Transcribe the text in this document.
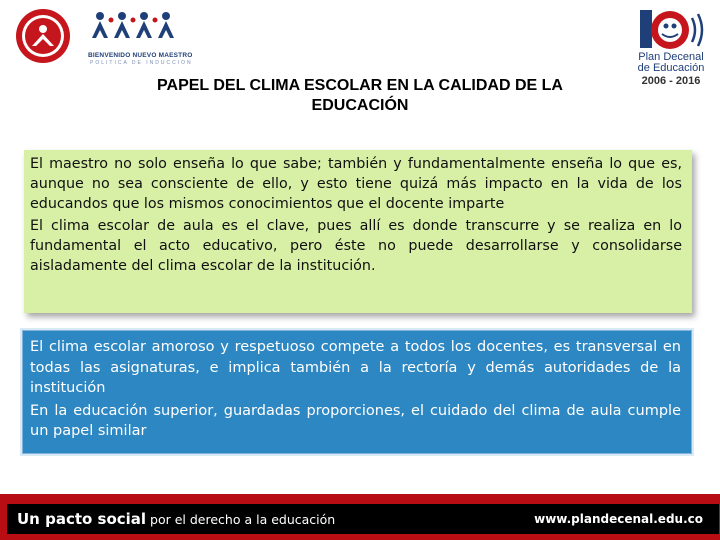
BIENVENIDO NUEVO MAESTRO
POLITICA DE INDUCCION	Plan Decenal
de Educación
2006 - 2016
PAPEL DEL CLIMA ESCOLAR EN LA CALIDAD DE LA
EDUCACIÓN

El maestro no solo enseña lo que sabe; también y fundamentalmente enseña lo que es, aunque no sea consciente de ello, y esto tiene quizá más impacto en la vida de los educandos que los mismos conocimientos que el docente imparte

El clima escolar de aula es el clave, pues allí es donde transcurre y se realiza en lo fundamental el acto educativo, pero éste no puede desarrollarse y consolidarse aisladamente del clima escolar de la institución.

El clima escolar amoroso y respetuoso compete a todos los docentes, es transversal en todas las asignaturas, e implica también a la rectoría y demás autoridades de la institución

En la educación superior, guardadas proporciones, el cuidado del clima de aula cumple un papel similar

Un pacto social por el derecho a la educación	www.plandecenal.edu.co
